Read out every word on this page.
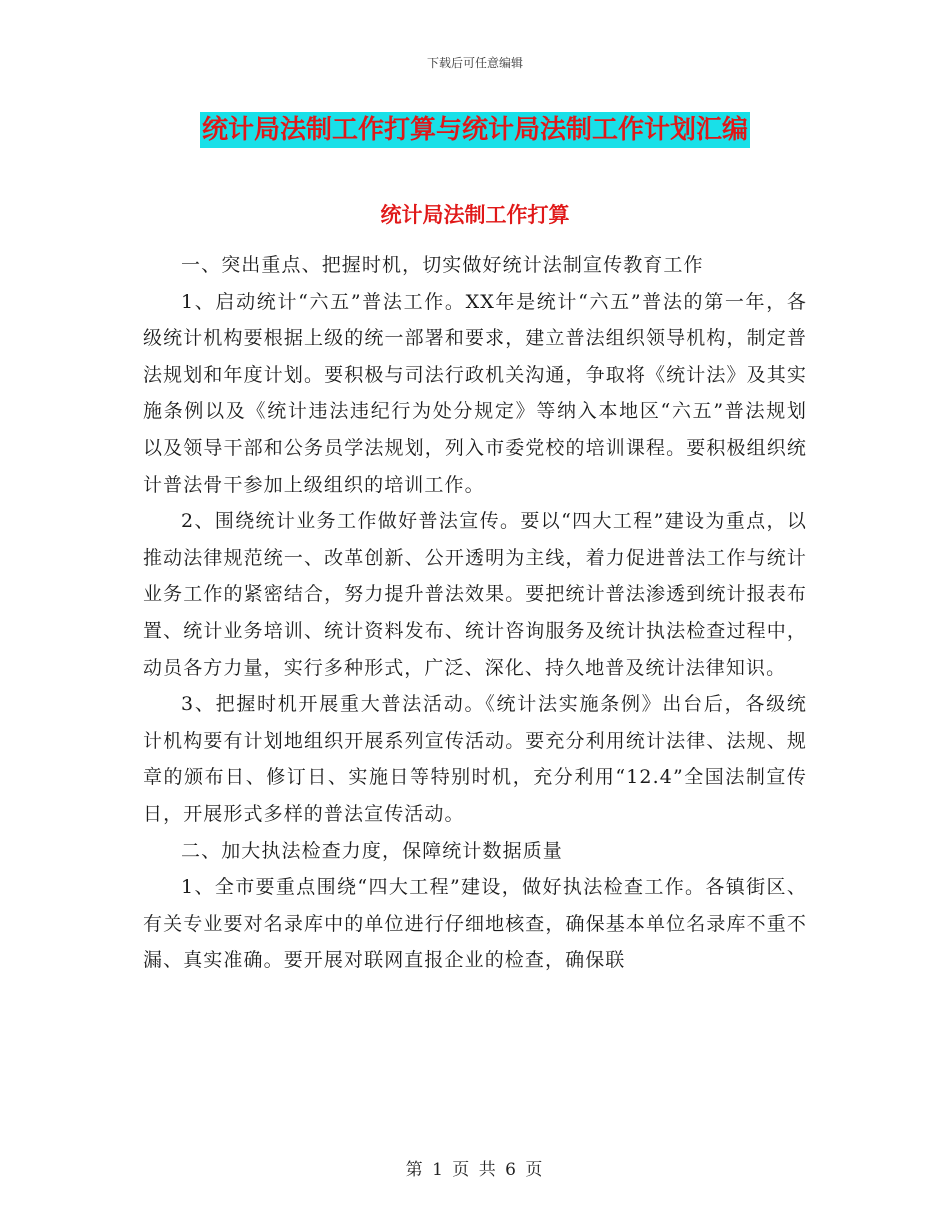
下载后可任意编辑
统计局法制工作打算与统计局法制工作计划汇编
统计局法制工作打算

一、突出重点、把握时机，切实做好统计法制宣传教育工作

1、启动统计“六五”普法工作。XX年是统计“六五”普法的第一年，各级统计机构要根据上级的统一部署和要求，建立普法组织领导机构，制定普法规划和年度计划。要积极与司法行政机关沟通，争取将《统计法》及其实施条例以及《统计违法违纪行为处分规定》等纳入本地区“六五”普法规划以及领导干部和公务员学法规划，列入市委党校的培训课程。要积极组织统计普法骨干参加上级组织的培训工作。

2、围绕统计业务工作做好普法宣传。要以“四大工程”建设为重点，以推动法律规范统一、改革创新、公开透明为主线，着力促进普法工作与统计业务工作的紧密结合，努力提升普法效果。要把统计普法渗透到统计报表布置、统计业务培训、统计资料发布、统计咨询服务及统计执法检查过程中，动员各方力量，实行多种形式，广泛、深化、持久地普及统计法律知识。

3、把握时机开展重大普法活动。《统计法实施条例》出台后，各级统计机构要有计划地组织开展系列宣传活动。要充分利用统计法律、法规、规章的颁布日、修订日、实施日等特别时机，充分利用“12.4”全国法制宣传日，开展形式多样的普法宣传活动。

二、加大执法检查力度，保障统计数据质量

1、全市要重点围绕“四大工程”建设，做好执法检查工作。各镇街区、有关专业要对名录库中的单位进行仔细地核查，确保基本单位名录库不重不漏、真实准确。要开展对联网直报企业的检查，确保联

第 1 页 共 6 页
